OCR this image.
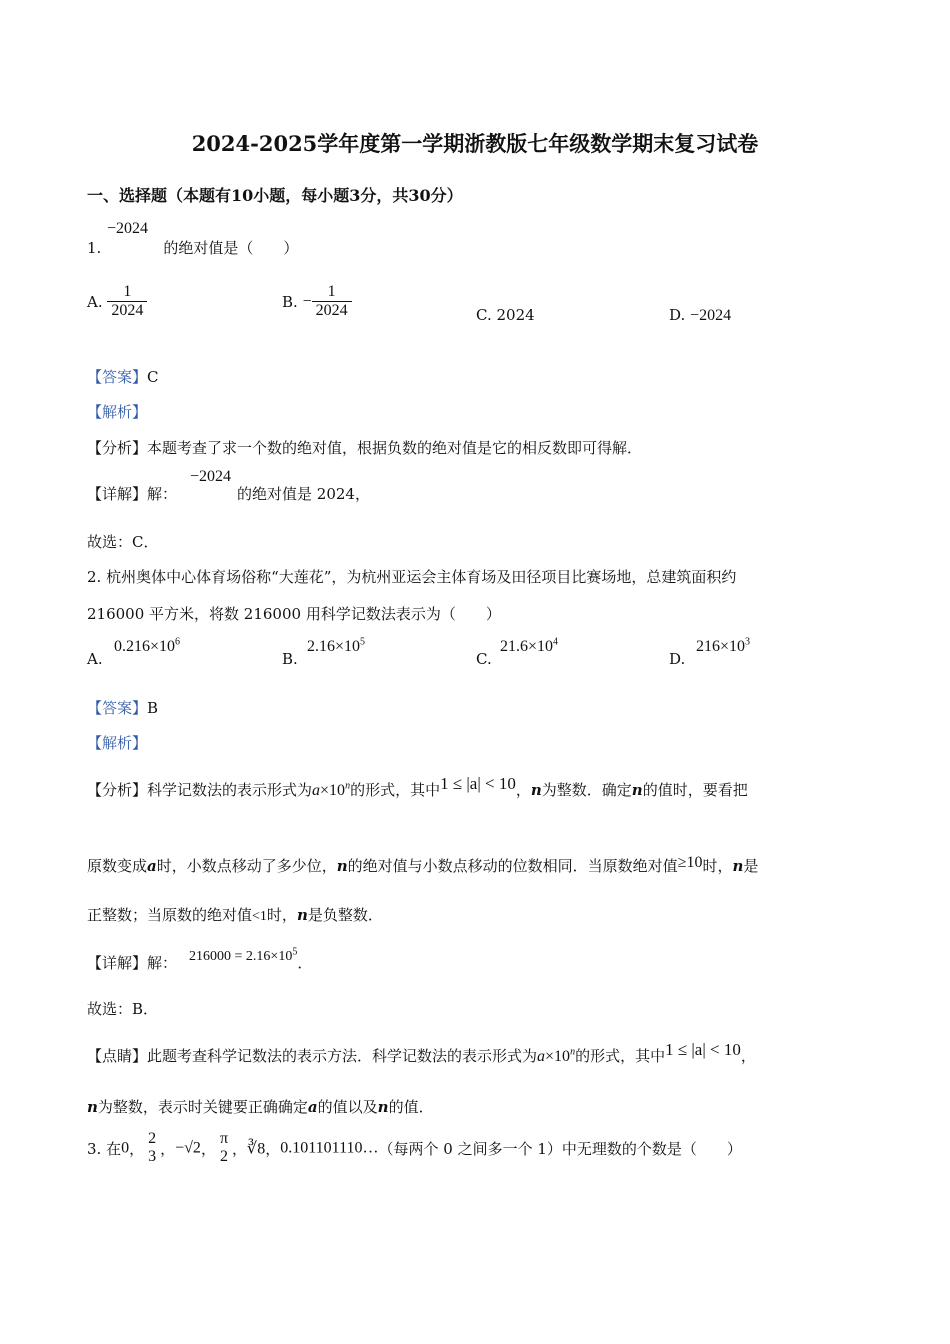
2024-2025学年度第一学期浙教版七年级数学期末复习试卷
一、选择题（本题有10小题，每小题3分，共30分）
−2024
1.	的绝对值是（　　）
A. $\frac{1}{2024}$	B. − $\frac{1}{2024}$	C. 2024	D. −2024
【答案】C
【解析】
【分析】本题考查了求一个数的绝对值，根据负数的绝对值是它的相反数即可得解．
−2024
【详解】解：	的绝对值是 2024，
故选：C．
2. 杭州奥体中心体育场俗称“大莲花”，为杭州亚运会主体育场及田径项目比赛场地，总建筑面积约
216000 平方米，将数 216000 用科学记数法表示为（　　）
A.
$0.216\times 10^6$
B.
$2.16\times 10^5$
C.
$21.6\times 10^4$
D.
$216\times 10^3$
【答案】B
【解析】
【分析】科学记数法的表示形式为$a\times 10^n$的形式，其中1 ≤ |a| < 10，n为整数．确定n的值时，要看把
原数变成a时，小数点移动了多少位，n的绝对值与小数点移动的位数相同．当原数绝对值≥10时，n是
正整数；当原数的绝对值<1时，n是负整数．
【详解】解： $216000 = 2.16\times 10^5$．
故选：B．
【点睛】此题考查科学记数法的表示方法．科学记数法的表示形式为$a\times 10^n$的形式，其中1 ≤ |a| < 10，
n为整数，表示时关键要正确确定a的值以及n的值．
3. 在0，
2
3 ，−√2，
π
2 ，∛8，0.101101110…（每两个 0 之间多一个 1）中无理数的个数是（　　）
